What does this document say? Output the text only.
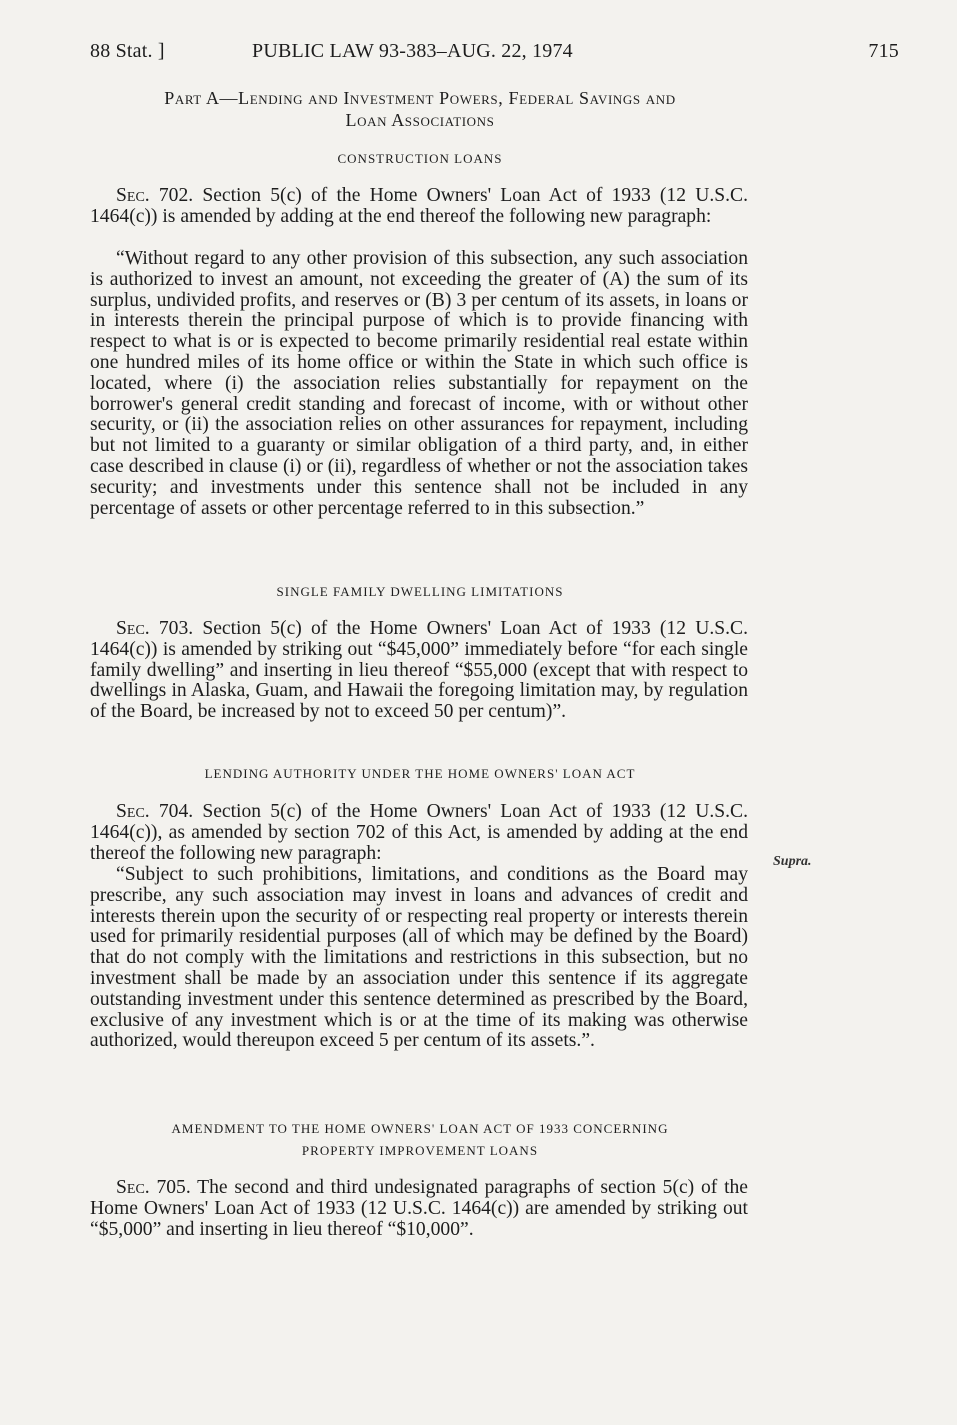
88 Stat. ]	PUBLIC LAW 93-383–AUG. 22, 1974	715
Part A—Lending and Investment Powers, Federal Savings and
Loan Associations
CONSTRUCTION LOANS

Sec. 702. Section 5(c) of the Home Owners' Loan Act of 1933 (12 U.S.C. 1464(c)) is amended by adding at the end thereof the following new paragraph:

“Without regard to any other provision of this subsection, any such association is authorized to invest an amount, not exceeding the greater of (A) the sum of its surplus, undivided profits, and reserves or (B) 3 per centum of its assets, in loans or in interests therein the principal purpose of which is to provide financing with respect to what is or is expected to become primarily residential real estate within one hundred miles of its home office or within the State in which such office is located, where (i) the association relies substantially for repayment on the borrower's general credit standing and forecast of income, with or without other security, or (ii) the association relies on other assurances for repayment, including but not limited to a guaranty or similar obligation of a third party, and, in either case described in clause (i) or (ii), regardless of whether or not the association takes security; and investments under this sentence shall not be included in any percentage of assets or other percentage referred to in this subsection.”

SINGLE FAMILY DWELLING LIMITATIONS

Sec. 703. Section 5(c) of the Home Owners' Loan Act of 1933 (12 U.S.C. 1464(c)) is amended by striking out “$45,000” immediately before “for each single family dwelling” and inserting in lieu thereof “$55,000 (except that with respect to dwellings in Alaska, Guam, and Hawaii the foregoing limitation may, by regulation of the Board, be increased by not to exceed 50 per centum)”.

LENDING AUTHORITY UNDER THE HOME OWNERS' LOAN ACT

Sec. 704. Section 5(c) of the Home Owners' Loan Act of 1933 (12 U.S.C. 1464(c)), as amended by section 702 of this Act, is amended by adding at the end thereof the following new paragraph:

“Subject to such prohibitions, limitations, and conditions as the Board may prescribe, any such association may invest in loans and advances of credit and interests therein upon the security of or respecting real property or interests therein used for primarily residential purposes (all of which may be defined by the Board) that do not comply with the limitations and restrictions in this subsection, but no investment shall be made by an association under this sentence if its aggregate outstanding investment under this sentence determined as prescribed by the Board, exclusive of any investment which is or at the time of its making was otherwise authorized, would thereupon exceed 5 per centum of its assets.”.

Supra.
AMENDMENT TO THE HOME OWNERS' LOAN ACT OF 1933 CONCERNING
PROPERTY IMPROVEMENT LOANS

Sec. 705. The second and third undesignated paragraphs of section 5(c) of the Home Owners' Loan Act of 1933 (12 U.S.C. 1464(c)) are amended by striking out “$5,000” and inserting in lieu thereof “$10,000”.
